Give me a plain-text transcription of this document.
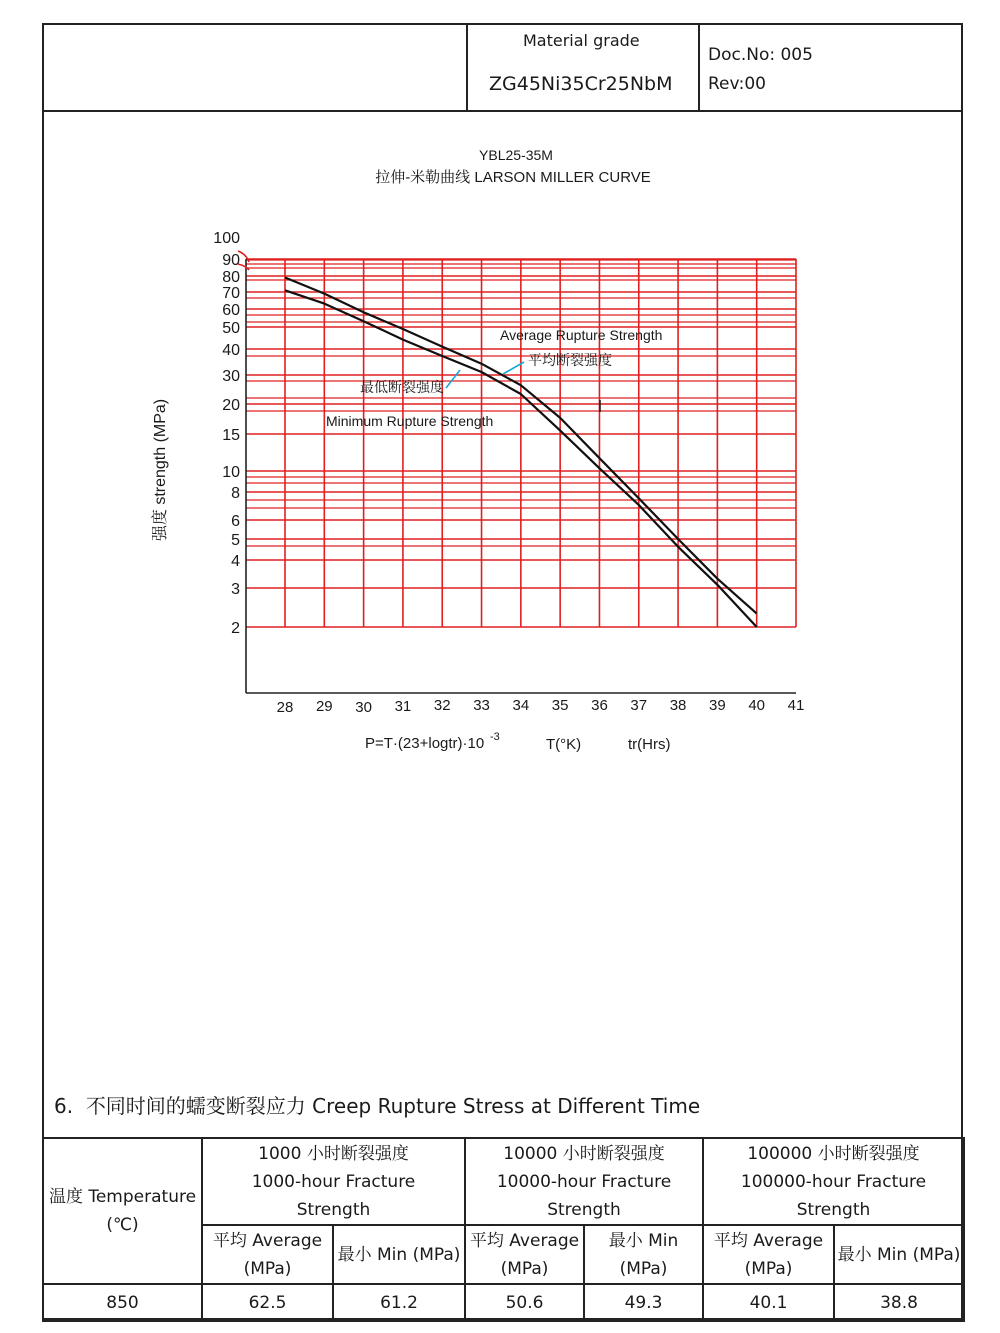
Material grade
ZG45Ni35Cr25NbM
Doc.No: 005
Rev:00
YBL25-35M
拉伸-米勒曲线 LARSON MILLER CURVE
100
90
80
70
60
50
40
30
20
15
10
8
6
5
4
3
2
28 29 30 31 32 33 34 35 36 37 38 39 40 41
强度 strength (MPa)
P=T·(23+logtr)·10 -3	T(°K)	tr(Hrs)
Average Rupture Strength
平均断裂强度
最低断裂强度
Minimum Rupture Strength
6. 不同时间的蠕变断裂应力 Creep Rupture Stress at Different Time
温度 Temperature
(℃)	1000 小时断裂强度
1000-hour Fracture
Strength		10000 小时断裂强度
10000-hour Fracture
Strength		100000 小时断裂强度
100000-hour Fracture
Strength	

	平均 Average
(MPa)	最小 Min (MPa)	平均 Average
(MPa)	最小 Min
(MPa)	平均 Average
(MPa)	最小 Min (MPa)

850	62.5	61.2	50.6	49.3	40.1	38.8
